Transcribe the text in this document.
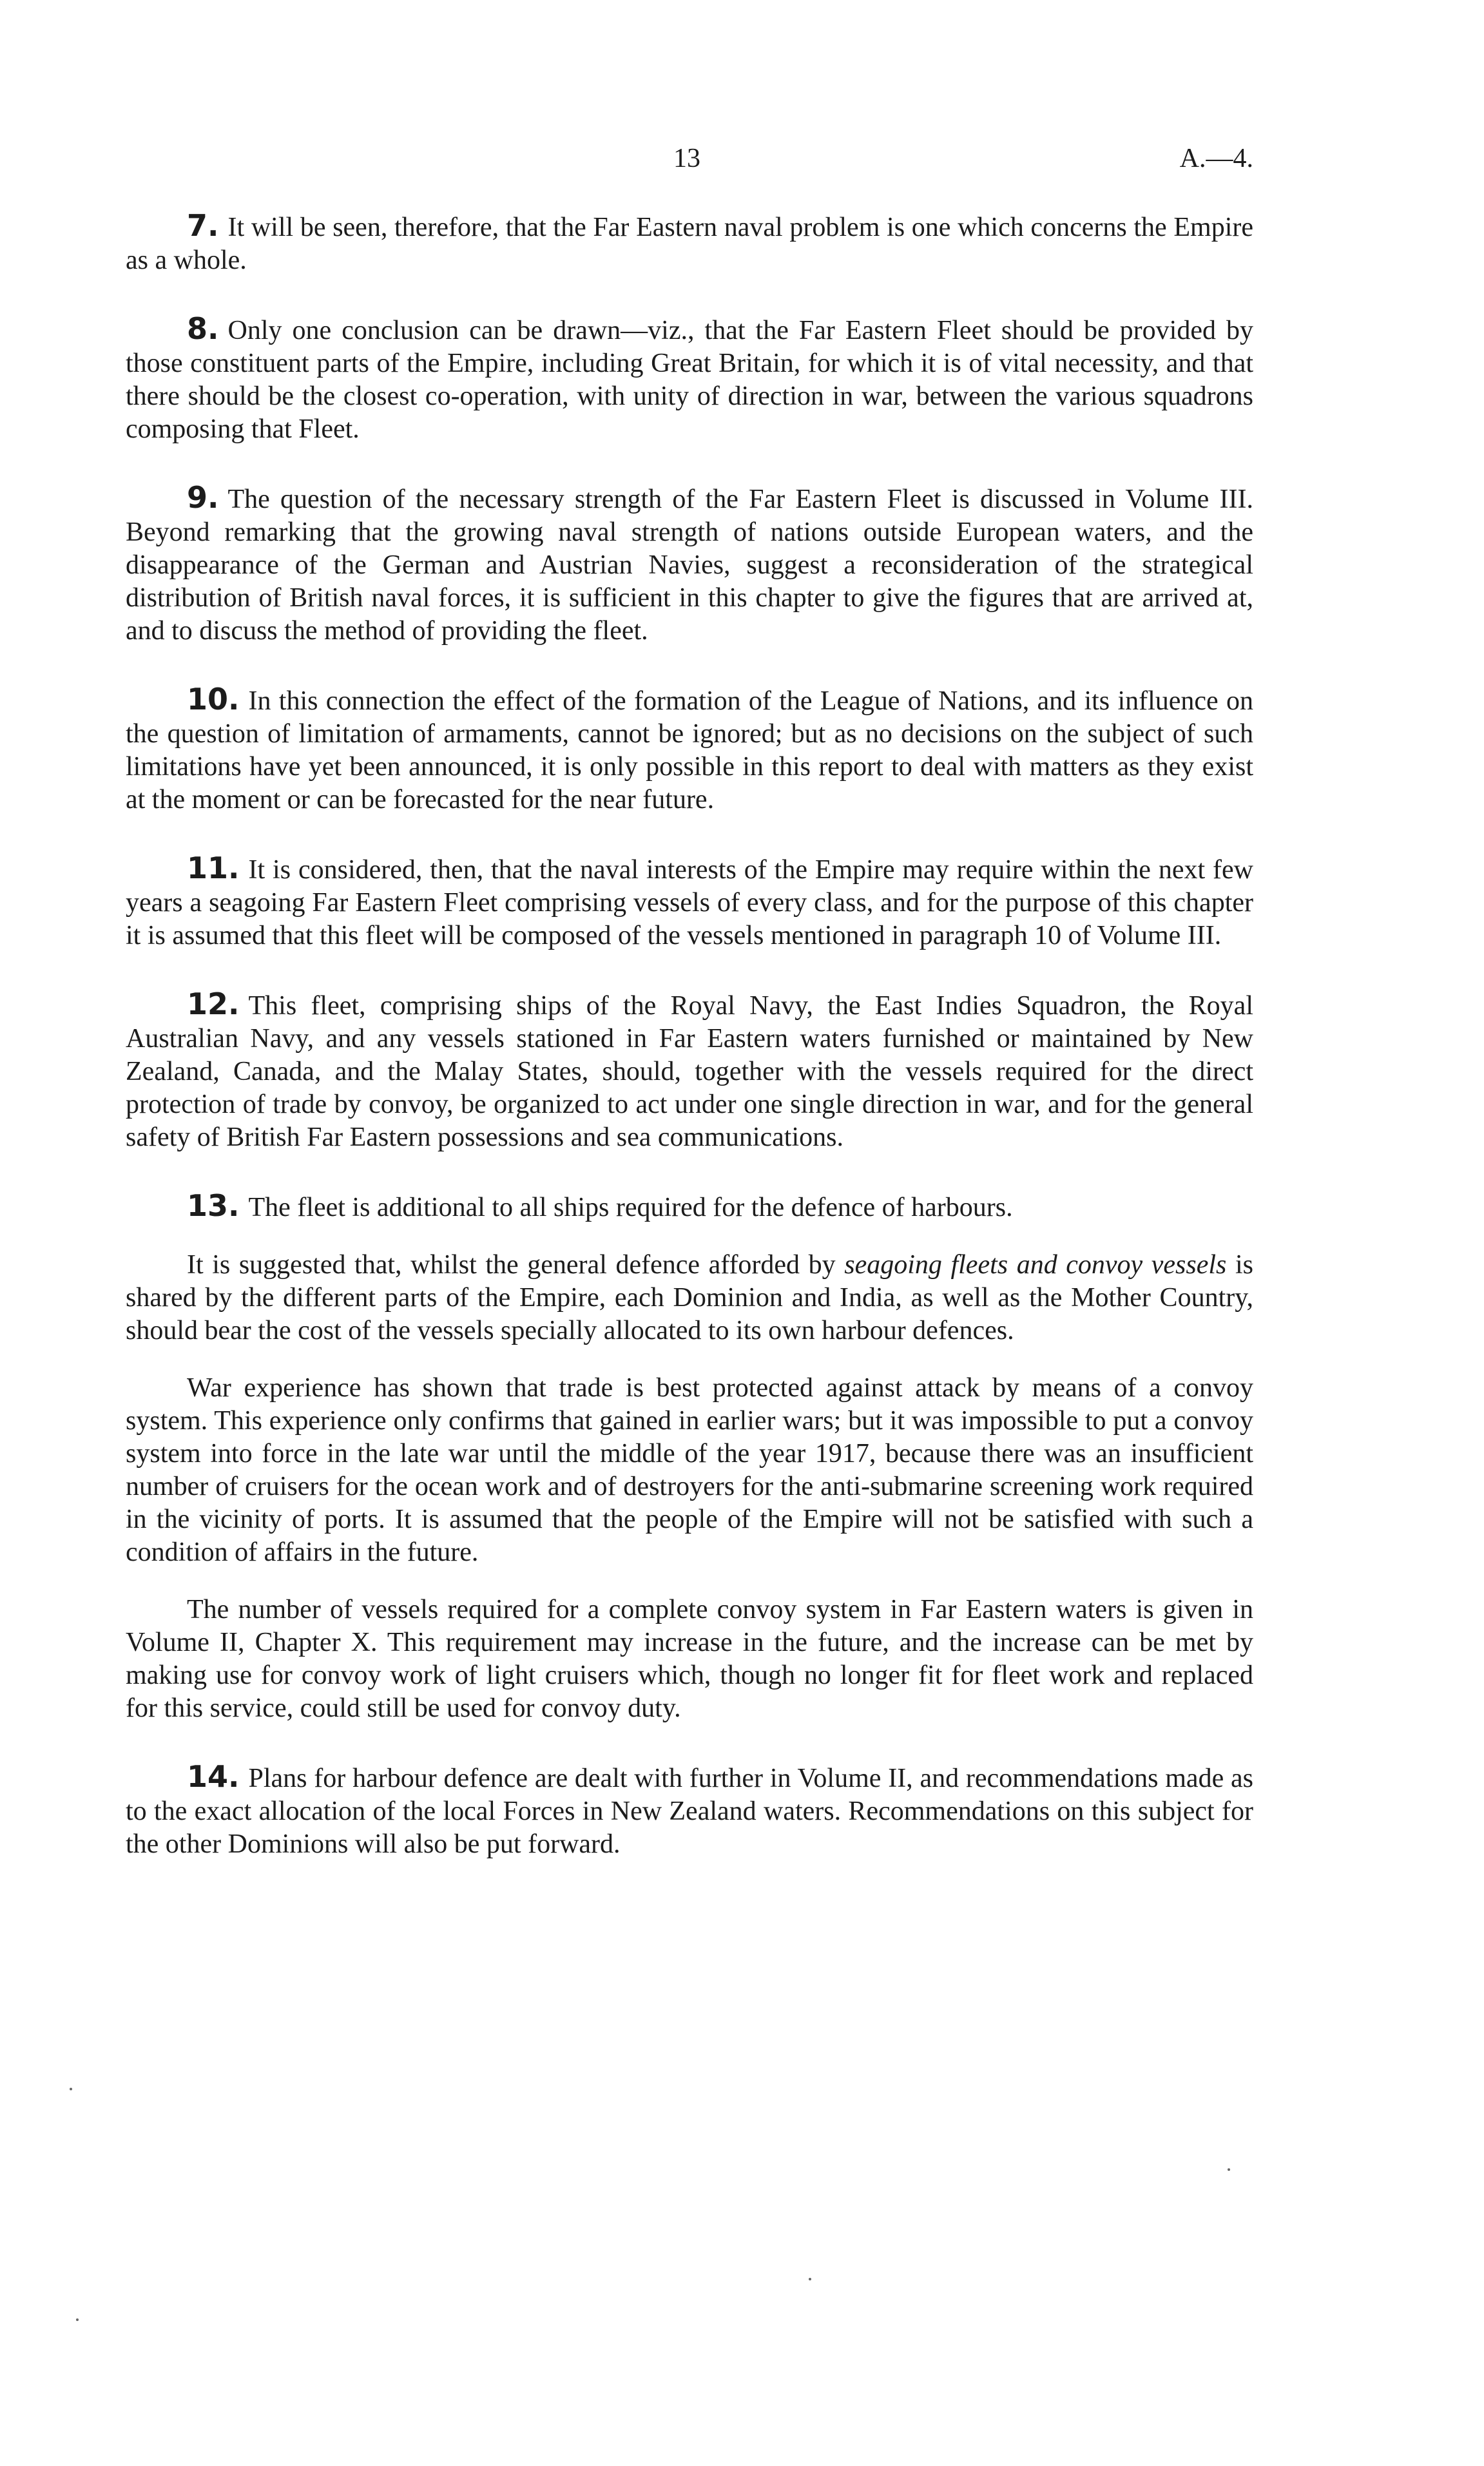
13	A.—4.

7. It will be seen, therefore, that the Far Eastern naval problem is one which concerns the Empire as a whole.

8. Only one conclusion can be drawn—viz., that the Far Eastern Fleet should be provided by those constituent parts of the Empire, including Great Britain, for which it is of vital necessity, and that there should be the closest co-operation, with unity of direction in war, between the various squadrons composing that Fleet.

9. The question of the necessary strength of the Far Eastern Fleet is discussed in Volume III. Beyond remarking that the growing naval strength of nations outside European waters, and the disappearance of the German and Austrian Navies, suggest a reconsideration of the strategical distribution of British naval forces, it is sufficient in this chapter to give the figures that are arrived at, and to discuss the method of providing the fleet.

10. In this connection the effect of the formation of the League of Nations, and its influence on the question of limitation of armaments, cannot be ignored; but as no decisions on the subject of such limitations have yet been announced, it is only possible in this report to deal with matters as they exist at the moment or can be forecasted for the near future.

11. It is considered, then, that the naval interests of the Empire may require within the next few years a seagoing Far Eastern Fleet comprising vessels of every class, and for the purpose of this chapter it is assumed that this fleet will be composed of the vessels mentioned in paragraph 10 of Volume III.

12. This fleet, comprising ships of the Royal Navy, the East Indies Squadron, the Royal Australian Navy, and any vessels stationed in Far Eastern waters furnished or maintained by New Zealand, Canada, and the Malay States, should, together with the vessels required for the direct protection of trade by convoy, be organized to act under one single direction in war, and for the general safety of British Far Eastern possessions and sea communications.

13. The fleet is additional to all ships required for the defence of harbours.

It is suggested that, whilst the general defence afforded by seagoing fleets and convoy vessels is shared by the different parts of the Empire, each Dominion and India, as well as the Mother Country, should bear the cost of the vessels specially allocated to its own harbour defences.

War experience has shown that trade is best protected against attack by means of a convoy system. This experience only confirms that gained in earlier wars; but it was impossible to put a convoy system into force in the late war until the middle of the year 1917, because there was an insufficient number of cruisers for the ocean work and of destroyers for the anti-submarine screening work required in the vicinity of ports. It is assumed that the people of the Empire will not be satisfied with such a condition of affairs in the future.

The number of vessels required for a complete convoy system in Far Eastern waters is given in Volume II, Chapter X. This requirement may increase in the future, and the increase can be met by making use for convoy work of light cruisers which, though no longer fit for fleet work and replaced for this service, could still be used for convoy duty.

14. Plans for harbour defence are dealt with further in Volume II, and recommendations made as to the exact allocation of the local Forces in New Zealand waters. Recommendations on this subject for the other Dominions will also be put forward.
